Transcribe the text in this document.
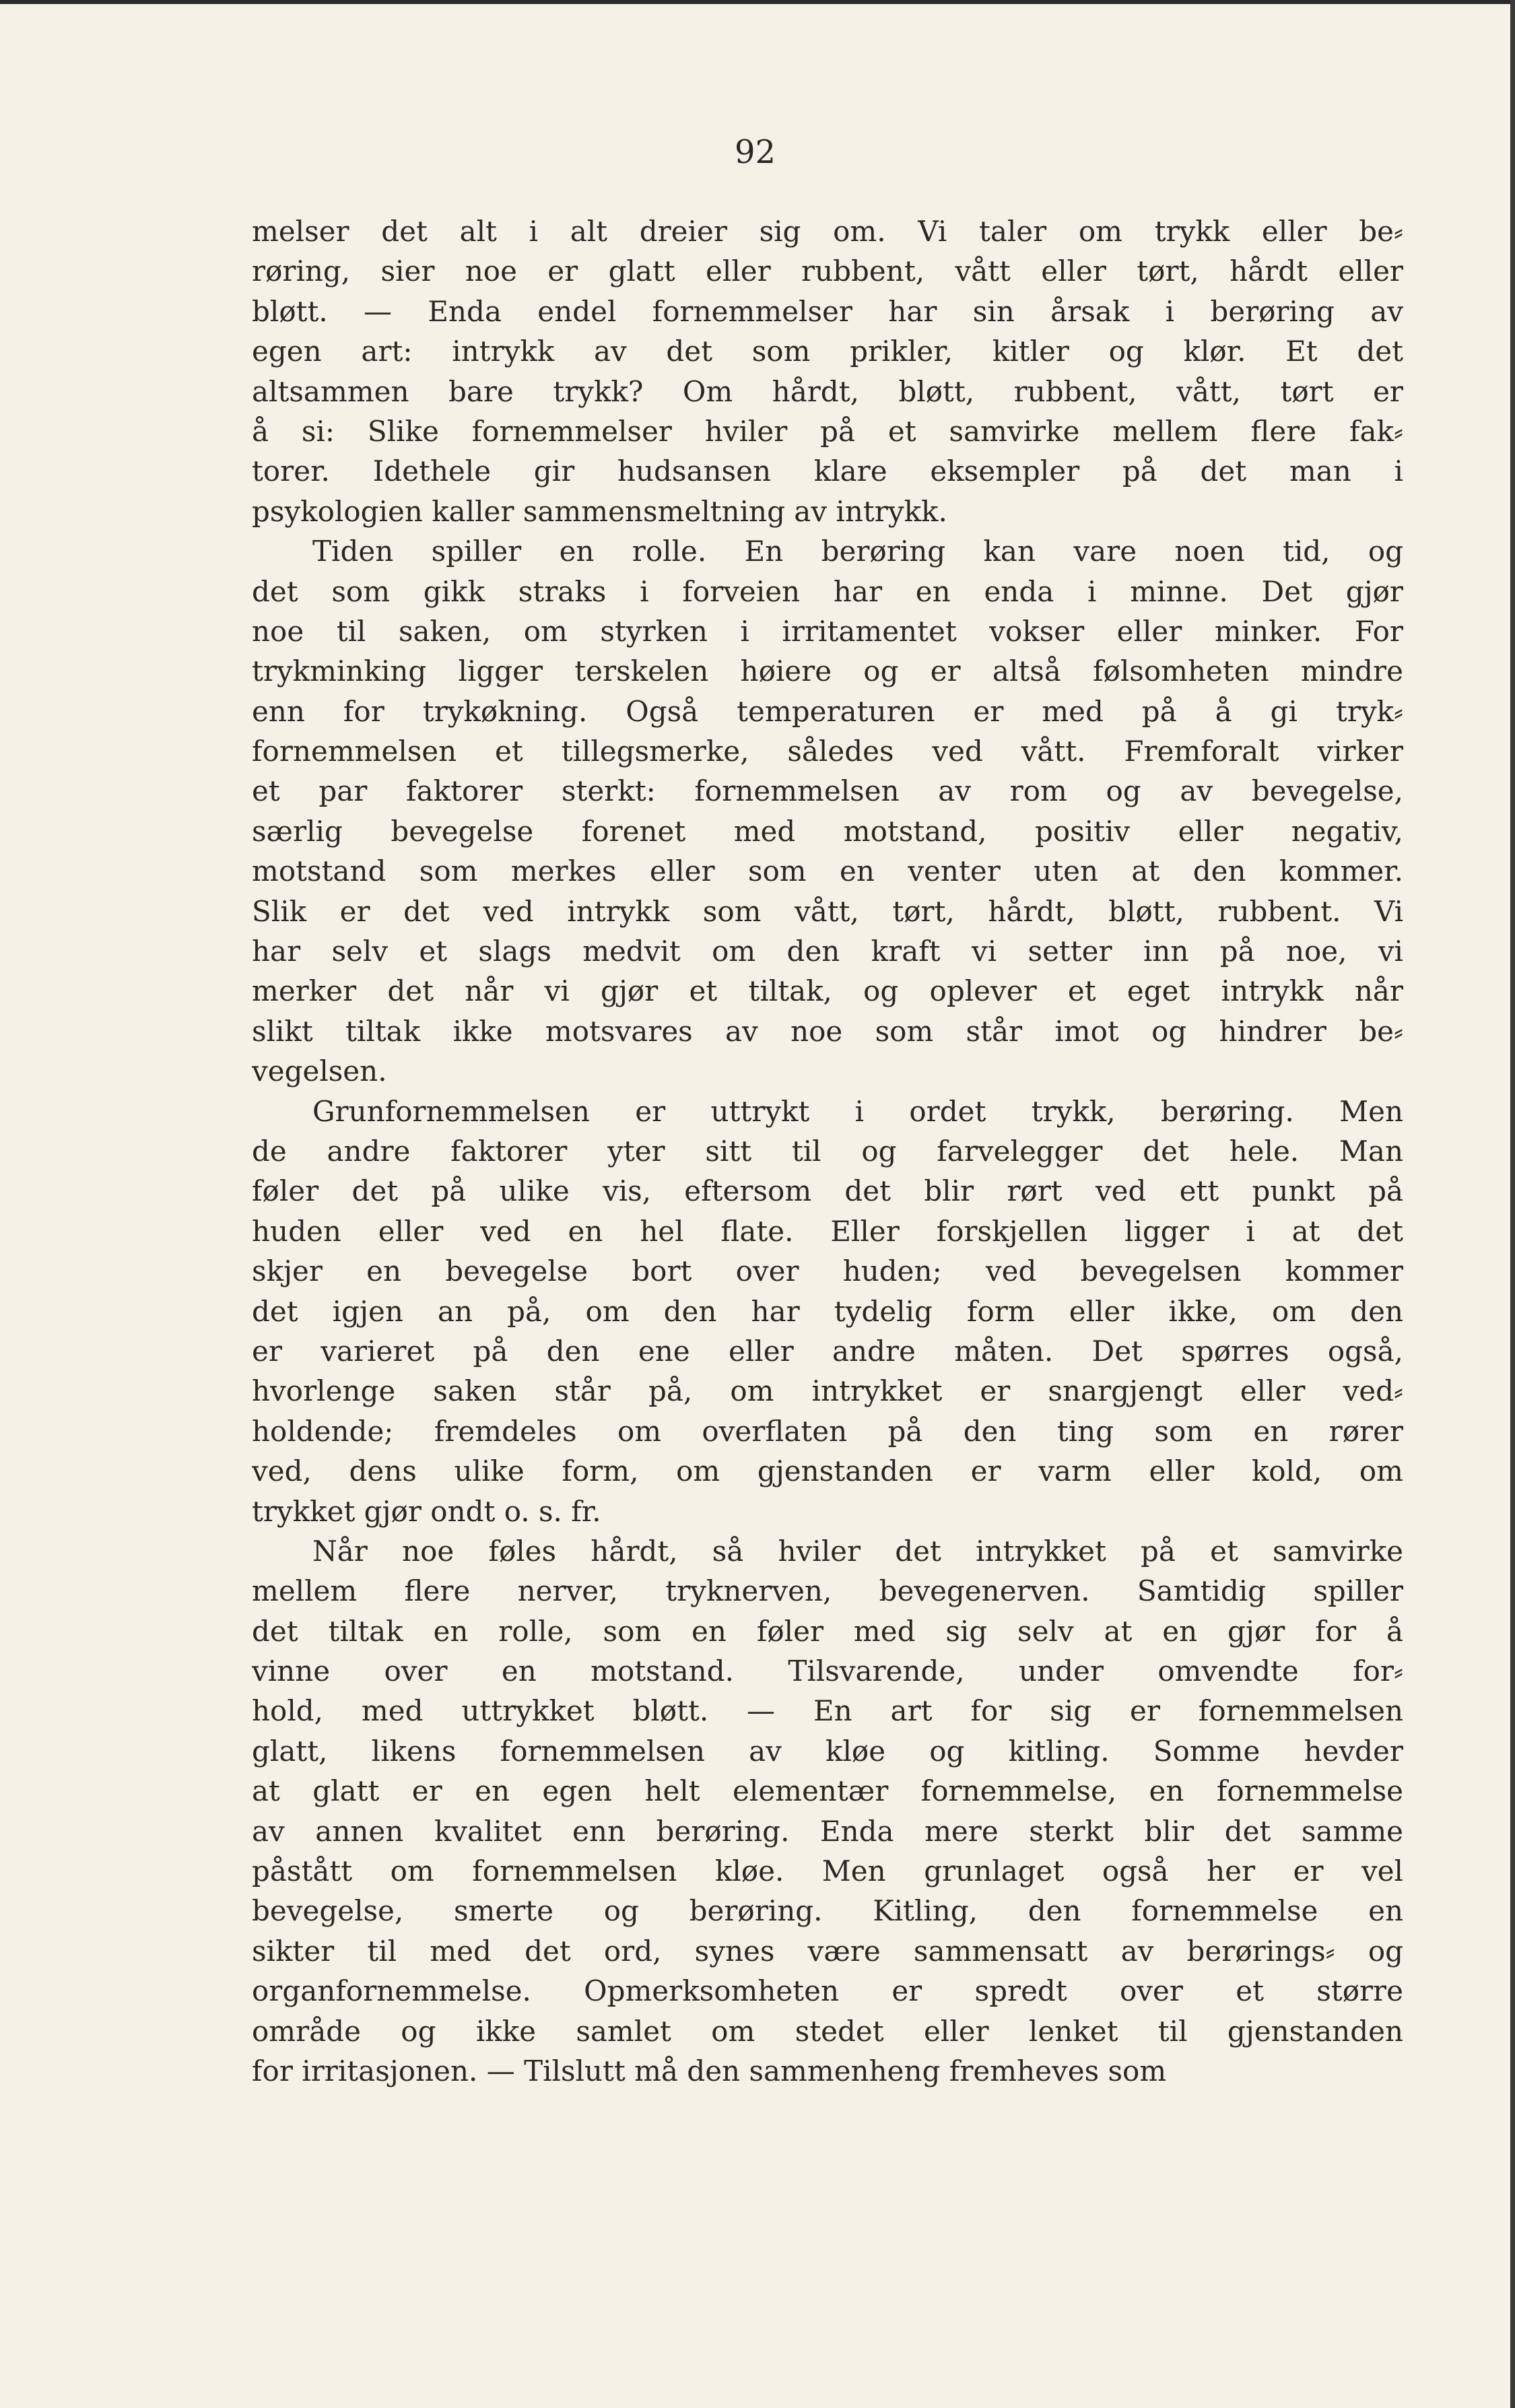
92
melser det alt i alt dreier sig om. Vi taler om trykk eller be⸗
røring, sier noe er glatt eller rubbent, vått eller tørt, hårdt eller
bløtt. — Enda endel fornemmelser har sin årsak i berøring av
egen art: intrykk av det som prikler, kitler og klør. Et det
altsammen bare trykk? Om hårdt, bløtt, rubbent, vått, tørt er
å si: Slike fornemmelser hviler på et samvirke mellem flere fak⸗
torer. Idethele gir hudsansen klare eksempler på det man i
psykologien kaller sammensmeltning av intrykk.
Tiden spiller en rolle. En berøring kan vare noen tid, og
det som gikk straks i forveien har en enda i minne. Det gjør
noe til saken, om styrken i irritamentet vokser eller minker. For
trykminking ligger terskelen høiere og er altså følsomheten mindre
enn for trykøkning. Også temperaturen er med på å gi tryk⸗
fornemmelsen et tillegsmerke, således ved vått. Fremforalt virker
et par faktorer sterkt: fornemmelsen av rom og av bevegelse,
særlig bevegelse forenet med motstand, positiv eller negativ,
motstand som merkes eller som en venter uten at den kommer.
Slik er det ved intrykk som vått, tørt, hårdt, bløtt, rubbent. Vi
har selv et slags medvit om den kraft vi setter inn på noe, vi
merker det når vi gjør et tiltak, og oplever et eget intrykk når
slikt tiltak ikke motsvares av noe som står imot og hindrer be⸗
vegelsen.
Grunfornemmelsen er uttrykt i ordet trykk, berøring. Men
de andre faktorer yter sitt til og farvelegger det hele. Man
føler det på ulike vis, eftersom det blir rørt ved ett punkt på
huden eller ved en hel flate. Eller forskjellen ligger i at det
skjer en bevegelse bort over huden; ved bevegelsen kommer
det igjen an på, om den har tydelig form eller ikke, om den
er varieret på den ene eller andre måten. Det spørres også,
hvorlenge saken står på, om intrykket er snargjengt eller ved⸗
holdende; fremdeles om overflaten på den ting som en rører
ved, dens ulike form, om gjenstanden er varm eller kold, om
trykket gjør ondt o. s. fr.
Når noe føles hårdt, så hviler det intrykket på et samvirke
mellem flere nerver, tryknerven, bevegenerven. Samtidig spiller
det tiltak en rolle, som en føler med sig selv at en gjør for å
vinne over en motstand. Tilsvarende, under omvendte for⸗
hold, med uttrykket bløtt. — En art for sig er fornemmelsen
glatt, likens fornemmelsen av kløe og kitling. Somme hevder
at glatt er en egen helt elementær fornemmelse, en fornemmelse
av annen kvalitet enn berøring. Enda mere sterkt blir det samme
påstått om fornemmelsen kløe. Men grunlaget også her er vel
bevegelse, smerte og berøring. Kitling, den fornemmelse en
sikter til med det ord, synes være sammensatt av berørings⸗ og
organfornemmelse. Opmerksomheten er spredt over et større
område og ikke samlet om stedet eller lenket til gjenstanden
for irritasjonen. — Tilslutt må den sammenheng fremheves som
